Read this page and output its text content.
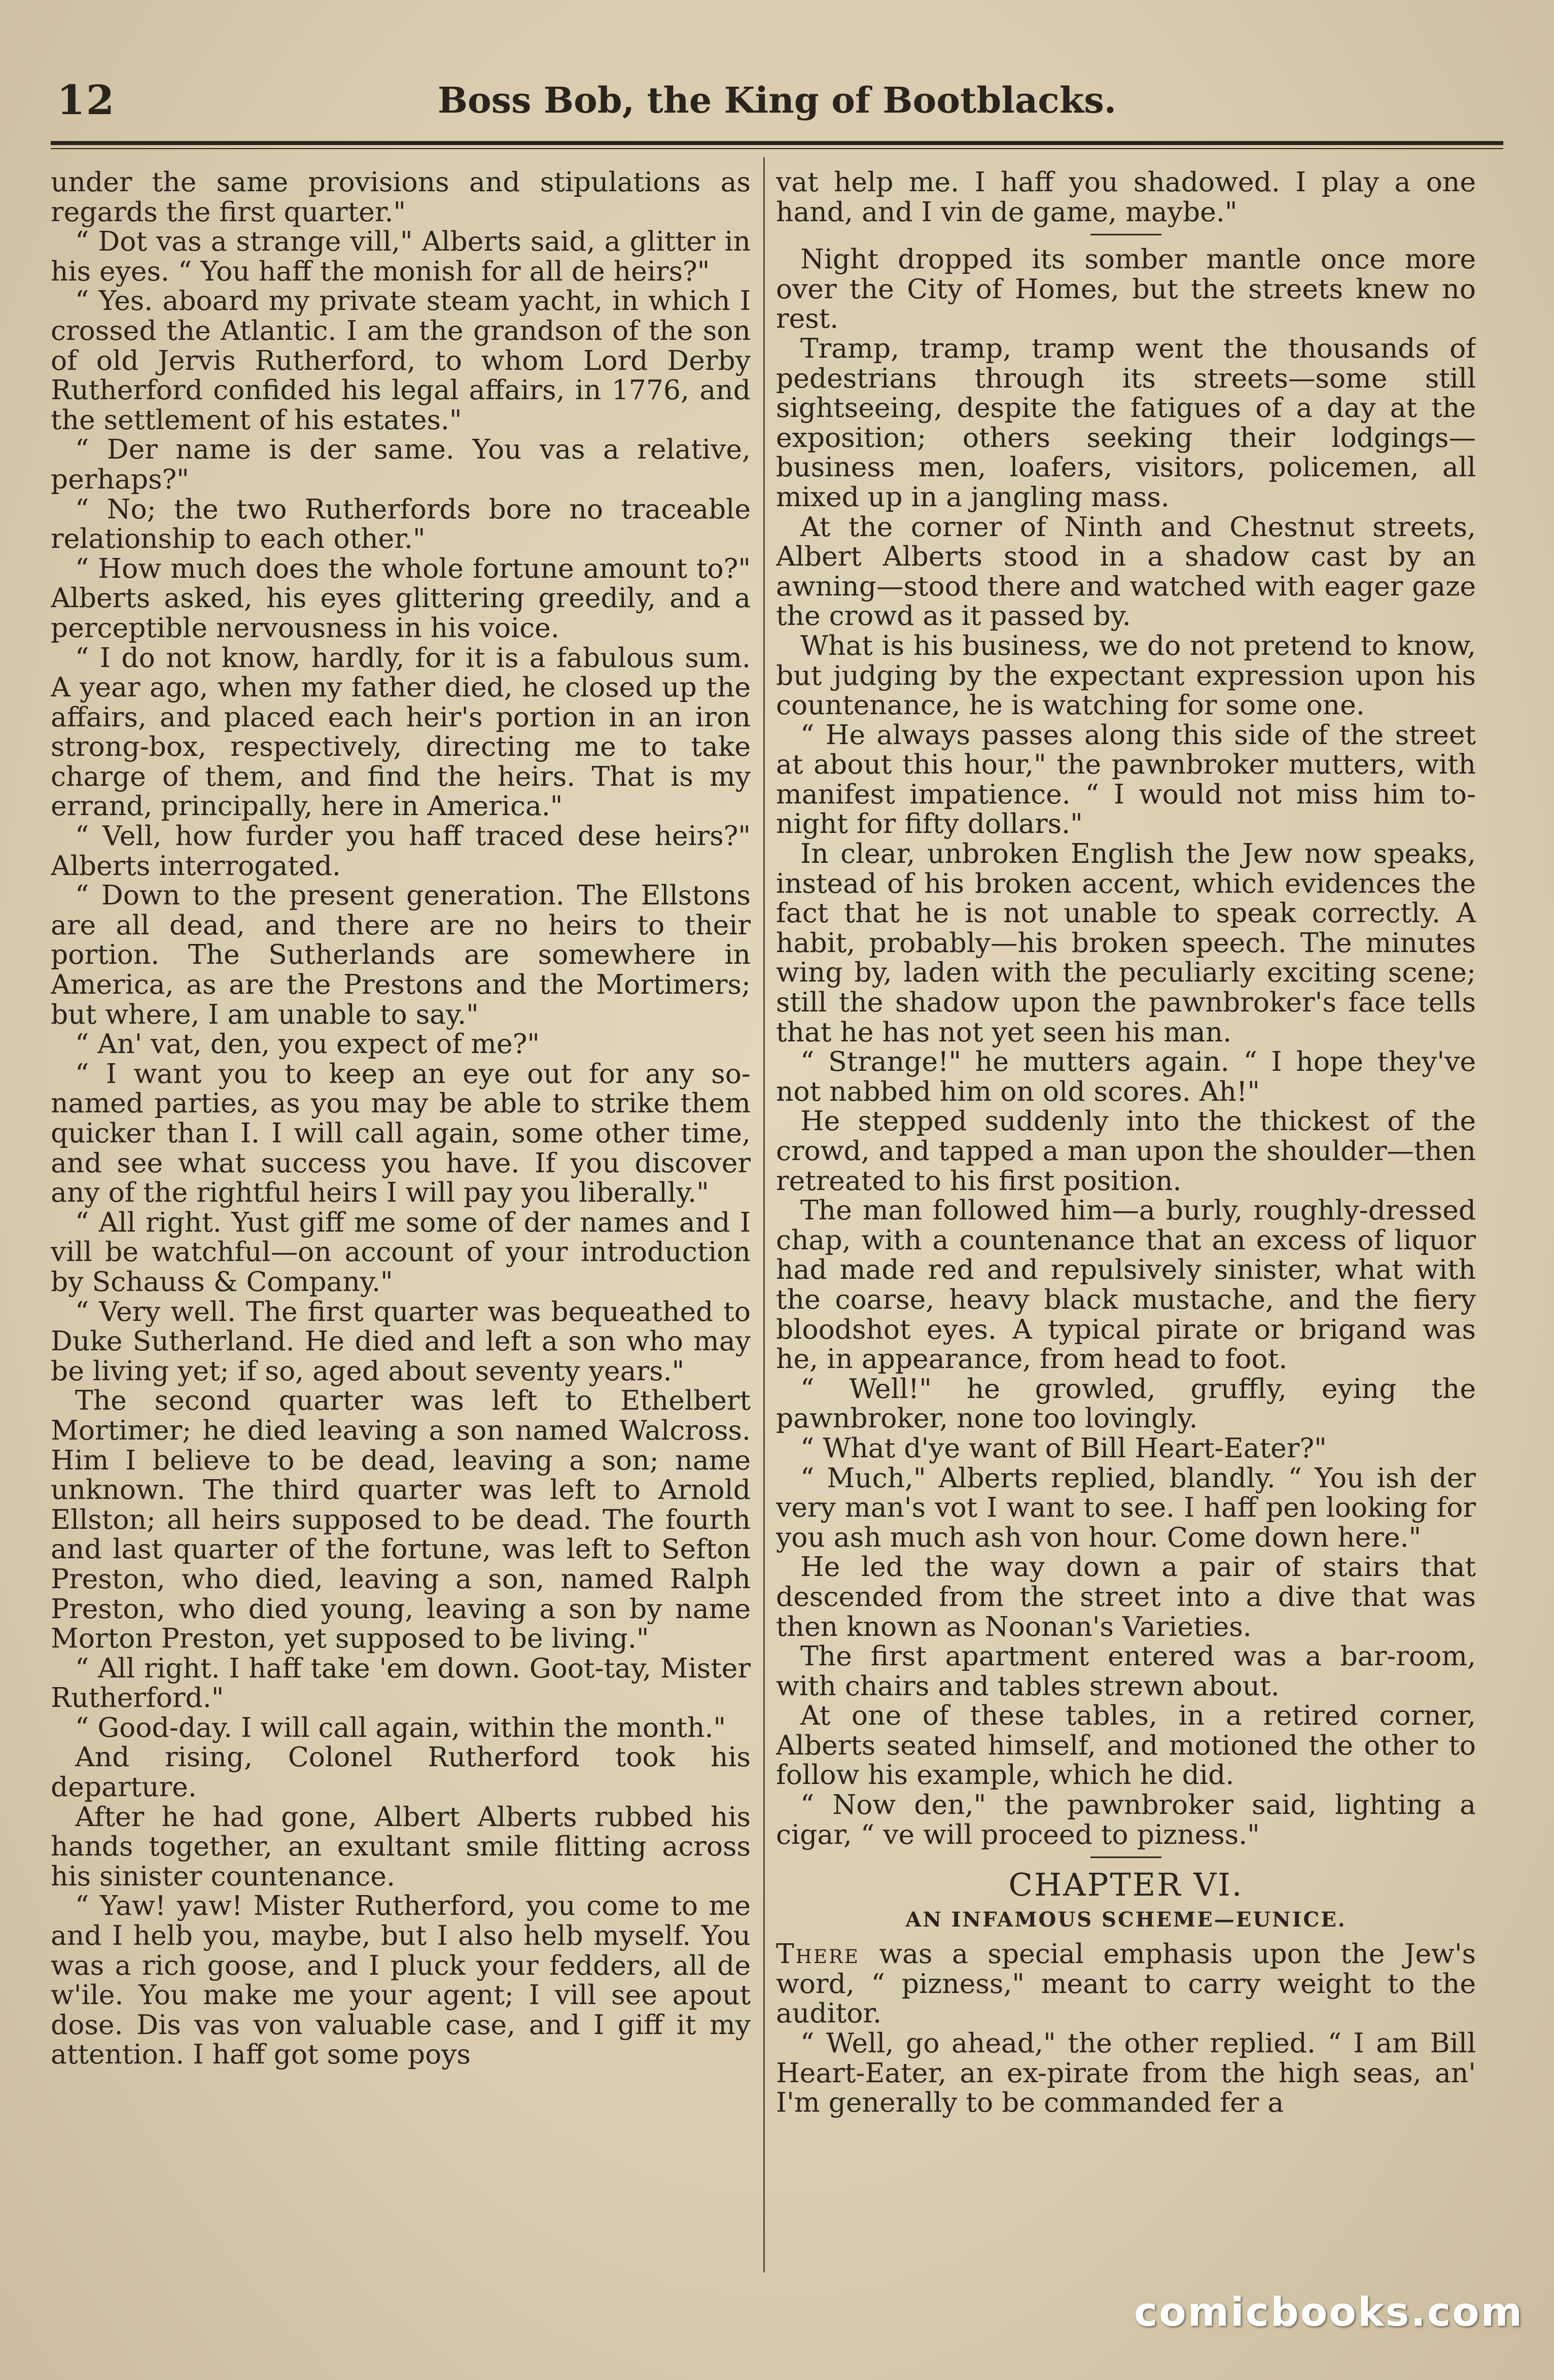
12	Boss Bob, the King of Bootblacks.

under the same provisions and stipulations as regards the first quarter."

“ Dot vas a strange vill," Alberts said, a glitter in his eyes. “ You haff the monish for all de heirs?"

“ Yes. aboard my private steam yacht, in which I crossed the Atlantic. I am the grandson of the son of old Jervis Rutherford, to whom Lord Derby Rutherford confided his legal affairs, in 1776, and the settlement of his estates."

“ Der name is der same. You vas a relative, perhaps?"

“ No; the two Rutherfords bore no traceable relationship to each other."

“ How much does the whole fortune amount to?" Alberts asked, his eyes glittering greedily, and a perceptible nervousness in his voice.

“ I do not know, hardly, for it is a fabulous sum. A year ago, when my father died, he closed up the affairs, and placed each heir's portion in an iron strong-box, respectively, directing me to take charge of them, and find the heirs. That is my errand, principally, here in America."

“ Vell, how furder you haff traced dese heirs?" Alberts interrogated.

“ Down to the present generation. The Ellstons are all dead, and there are no heirs to their portion. The Sutherlands are somewhere in America, as are the Prestons and the Mortimers; but where, I am unable to say."

“ An' vat, den, you expect of me?"

“ I want you to keep an eye out for any so-named parties, as you may be able to strike them quicker than I. I will call again, some other time, and see what success you have. If you discover any of the rightful heirs I will pay you liberally."

“ All right. Yust giff me some of der names and I vill be watchful—on account of your introduction by Schauss & Company."

“ Very well. The first quarter was bequeathed to Duke Sutherland. He died and left a son who may be living yet; if so, aged about seventy years."

The second quarter was left to Ethelbert Mortimer; he died leaving a son named Walcross. Him I believe to be dead, leaving a son; name unknown. The third quarter was left to Arnold Ellston; all heirs supposed to be dead. The fourth and last quarter of the fortune, was left to Sefton Preston, who died, leaving a son, named Ralph Preston, who died young, leaving a son by name Morton Preston, yet supposed to be living."

“ All right. I haff take 'em down. Goot-tay, Mister Rutherford."

“ Good-day. I will call again, within the month."

And rising, Colonel Rutherford took his departure.

After he had gone, Albert Alberts rubbed his hands together, an exultant smile flitting across his sinister countenance.

“ Yaw! yaw! Mister Rutherford, you come to me and I helb you, maybe, but I also helb myself. You was a rich goose, and I pluck your fedders, all de w'ile. You make me your agent; I vill see apout dose. Dis vas von valuable case, and I giff it my attention. I haff got some poys

vat help me. I haff you shadowed. I play a one hand, and I vin de game, maybe."

Night dropped its somber mantle once more over the City of Homes, but the streets knew no rest.

Tramp, tramp, tramp went the thousands of pedestrians through its streets—some still sightseeing, despite the fatigues of a day at the exposition; others seeking their lodgings—business men, loafers, visitors, policemen, all mixed up in a jangling mass.

At the corner of Ninth and Chestnut streets, Albert Alberts stood in a shadow cast by an awning—stood there and watched with eager gaze the crowd as it passed by.

What is his business, we do not pretend to know, but judging by the expectant expression upon his countenance, he is watching for some one.

“ He always passes along this side of the street at about this hour," the pawnbroker mutters, with manifest impatience. “ I would not miss him to-night for fifty dollars."

In clear, unbroken English the Jew now speaks, instead of his broken accent, which evidences the fact that he is not unable to speak correctly. A habit, probably—his broken speech. The minutes wing by, laden with the peculiarly exciting scene; still the shadow upon the pawnbroker's face tells that he has not yet seen his man.

“ Strange!" he mutters again. “ I hope they've not nabbed him on old scores. Ah!"

He stepped suddenly into the thickest of the crowd, and tapped a man upon the shoulder—then retreated to his first position.

The man followed him—a burly, roughly-dressed chap, with a countenance that an excess of liquor had made red and repulsively sinister, what with the coarse, heavy black mustache, and the fiery bloodshot eyes. A typical pirate or brigand was he, in appearance, from head to foot.

“ Well!" he growled, gruffly, eying the pawnbroker, none too lovingly.

“ What d'ye want of Bill Heart-Eater?"

“ Much," Alberts replied, blandly. “ You ish der very man's vot I want to see. I haff pen looking for you ash much ash von hour. Come down here."

He led the way down a pair of stairs that descended from the street into a dive that was then known as Noonan's Varieties.

The first apartment entered was a bar-room, with chairs and tables strewn about.

At one of these tables, in a retired corner, Alberts seated himself, and motioned the other to follow his example, which he did.

“ Now den," the pawnbroker said, lighting a cigar, “ ve will proceed to pizness."

CHAPTER VI.
AN INFAMOUS SCHEME—EUNICE.

There was a special emphasis upon the Jew's word, “ pizness," meant to carry weight to the auditor.

“ Well, go ahead," the other replied. “ I am Bill Heart-Eater, an ex-pirate from the high seas, an' I'm generally to be commanded fer a

comicbooks.com
